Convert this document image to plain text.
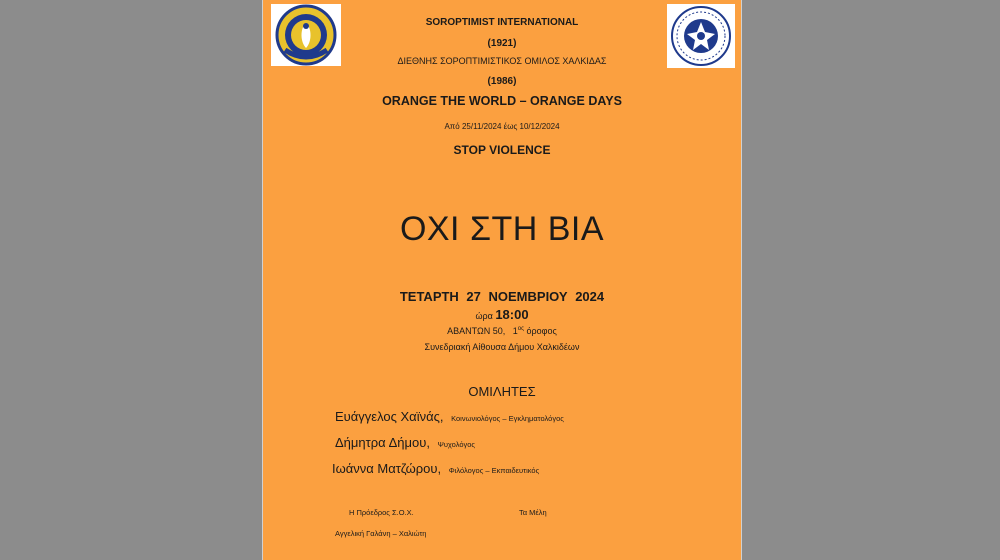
SOROPTIMIST INTERNATIONAL
(1921)
ΔΙΕΘΝΗΣ ΣΟΡΟΠΤΙΜΙΣΤΙΚΟΣ ΟΜΙΛΟΣ ΧΑΛΚΙΔΑΣ
(1986)
ORANGE THE WORLD – ORANGE DAYS
Από 25/11/2024 έως 10/12/2024
STOP VIOLENCE
ΟΧΙ ΣΤΗ ΒΙΑ
ΤΕΤΑΡΤΗ 27 ΝΟΕΜΒΡΙΟΥ 2024
ώρα 18:00
ΑΒΑΝΤΩΝ 50, $1^{o\varsigma}$ όροφος
Συνεδριακή Αίθουσα Δήμου Χαλκιδέων
ΟΜΙΛΗΤΕΣ
Ευάγγελος Χαϊνάς, Κοινωνιολόγος – Εγκληματολόγος
Δήμητρα Δήμου, Ψυχολόγος
Ιωάννα Ματζώρου, Φιλόλογος – Εκπαιδευτικός
Η Πρόεδρος Σ.Ο.Χ.	Τα Μέλη
Αγγελική Γαλάνη – Χαλιώτη
